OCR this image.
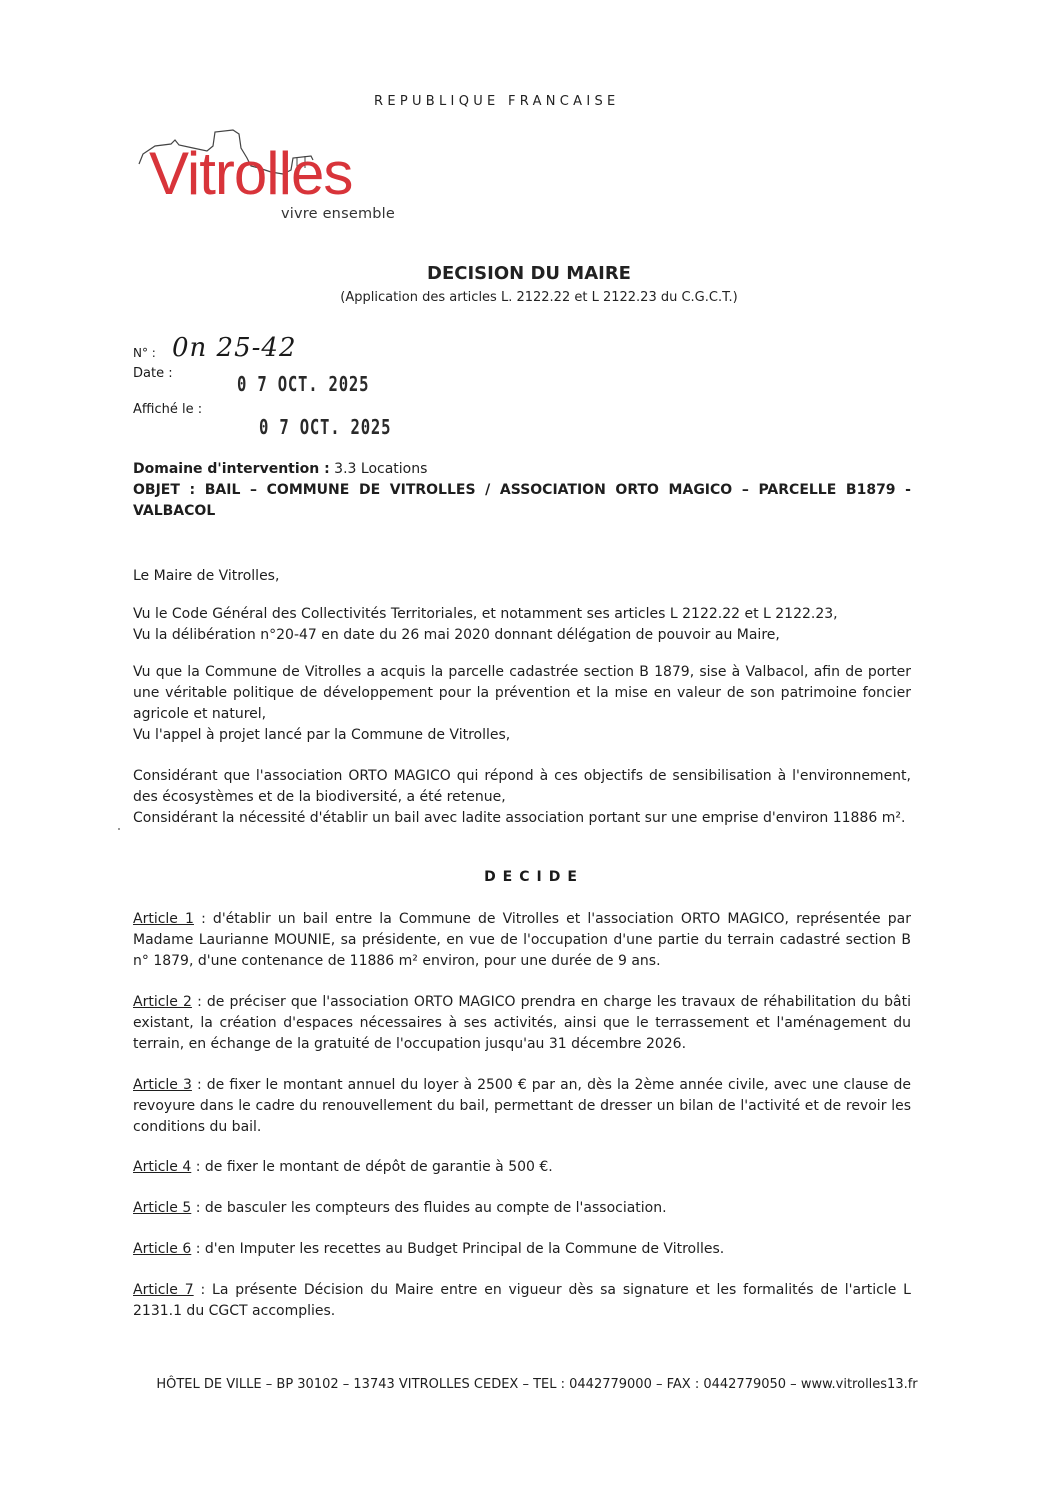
REPUBLIQUE FRANCAISE
Vitrolles
vivre ensemble
DECISION DU MAIRE
(Application des articles L. 2122.22 et L 2122.23 du C.G.C.T.)
N° : 0n 25-42
Date :	0 7 OCT. 2025
Affiché le :
0 7 OCT. 2025
Domaine d'intervention : 3.3 Locations
OBJET : BAIL – COMMUNE DE VITROLLES / ASSOCIATION ORTO MAGICO – PARCELLE B1879 - VALBACOL
Le Maire de Vitrolles,
Vu le Code Général des Collectivités Territoriales, et notamment ses articles L 2122.22 et L 2122.23,
Vu la délibération n°20-47 en date du 26 mai 2020 donnant délégation de pouvoir au Maire,
Vu que la Commune de Vitrolles a acquis la parcelle cadastrée section B 1879, sise à Valbacol, afin de porter une véritable politique de développement pour la prévention et la mise en valeur de son patrimoine foncier agricole et naturel,
Vu l'appel à projet lancé par la Commune de Vitrolles,
Considérant que l'association ORTO MAGICO qui répond à ces objectifs de sensibilisation à l'environnement, des écosystèmes et de la biodiversité, a été retenue,
Considérant la nécessité d'établir un bail avec ladite association portant sur une emprise d'environ 11886 m².
DECIDE
Article 1 : d'établir un bail entre la Commune de Vitrolles et l'association ORTO MAGICO, représentée par Madame Laurianne MOUNIE, sa présidente, en vue de l'occupation d'une partie du terrain cadastré section B n° 1879, d'une contenance de 11886 m² environ, pour une durée de 9 ans.
Article 2 : de préciser que l'association ORTO MAGICO prendra en charge les travaux de réhabilitation du bâti existant, la création d'espaces nécessaires à ses activités, ainsi que le terrassement et l'aménagement du terrain, en échange de la gratuité de l'occupation jusqu'au 31 décembre 2026.
Article 3 : de fixer le montant annuel du loyer à 2500 € par an, dès la 2ème année civile, avec une clause de revoyure dans le cadre du renouvellement du bail, permettant de dresser un bilan de l'activité et de revoir les conditions du bail.
Article 4 : de fixer le montant de dépôt de garantie à 500 €.
Article 5 : de basculer les compteurs des fluides au compte de l'association.
Article 6 : d'en Imputer les recettes au Budget Principal de la Commune de Vitrolles.
Article 7 : La présente Décision du Maire entre en vigueur dès sa signature et les formalités de l'article L 2131.1 du CGCT accomplies.
HÔTEL DE VILLE – BP 30102 – 13743 VITROLLES CEDEX – TEL : 0442779000 – FAX : 0442779050 – www.vitrolles13.fr
